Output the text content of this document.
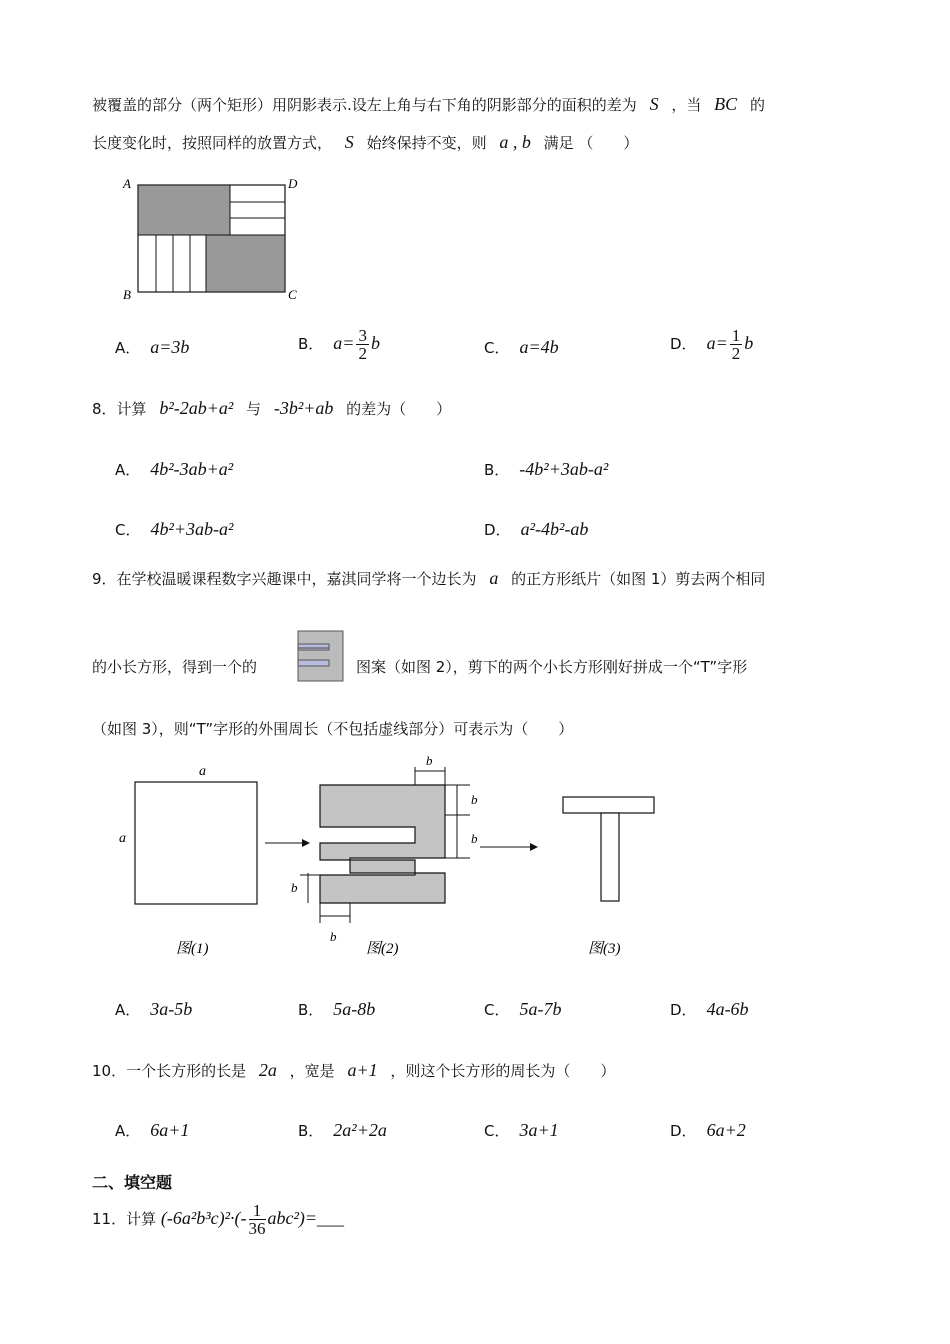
被覆盖的部分（两个矩形）用阴影表示.设左上角与右下角的阴影部分的面积的差为 S ，当 BC 的
长度变化时，按照同样的放置方式， S 始终保持不变，则 a , b 满足 （　　）
A	D
B	C
A． a=3b	B． $a= \frac{3}{2}$ b	C． a=4b	D． $a= \frac{1}{2}$ b
8．计算 b²-2ab+a² 与 -3b²+ab 的差为（　　）
A． 4b²-3ab+a²	B． -4b²+3ab-a²
C． 4b²+3ab-a²	D． a²-4b²-ab
9．在学校温暖课程数字兴趣课中，嘉淇同学将一个边长为 a 的正方形纸片（如图 1）剪去两个相同
的小长方形，得到一个的	图案（如图 2），剪下的两个小长方形刚好拼成一个“T”字形
（如图 3），则“T”字形的外围周长（不包括虚线部分）可表示为（　　）
a
a
图(1)
b
b
b
b
b
图(2)	图(3)
A． 3a-5b	B． 5a-8b	C． 5a-7b	D． 4a-6b
10．一个长方形的长是 2a ，宽是 a+1 ，则这个长方形的周长为（　　）
A． 6a+1	B． 2a²+2a	C． 3a+1	D． 6a+2
二、填空题
11．计算 $(-6a^2b^3c)^2\cdot(- \frac{1}{36}$ abc²)=___
